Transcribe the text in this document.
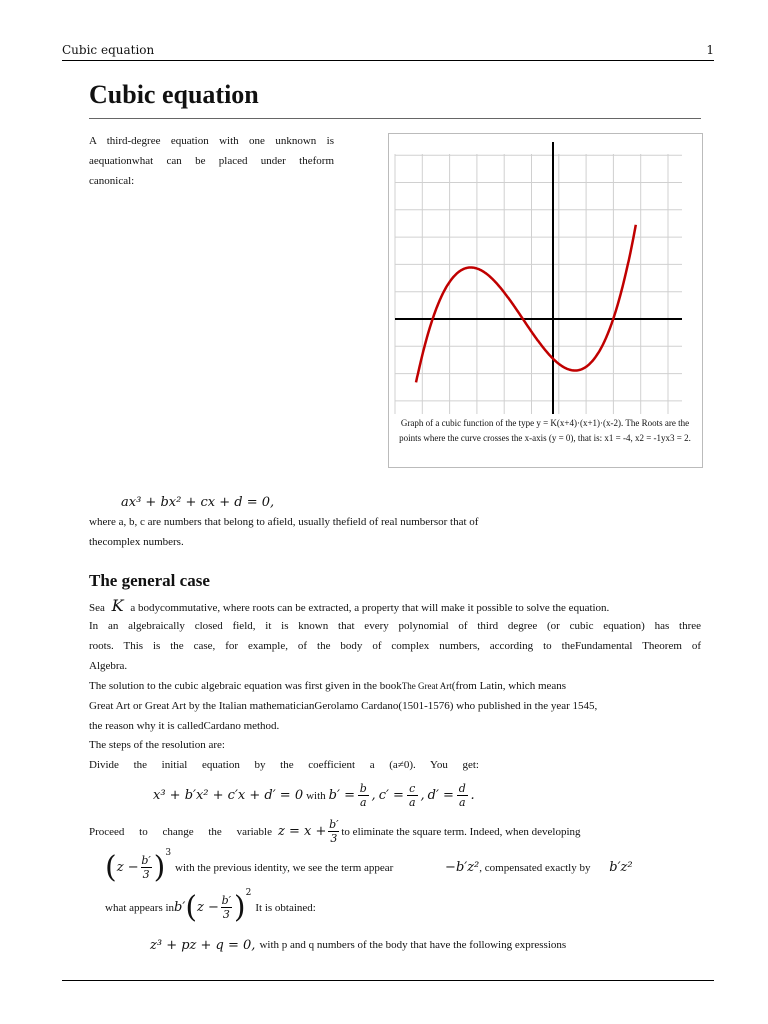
Cubic equation	1
Cubic equation
A third-degree equation with one unknown is
aequationwhat can be placed under theform
canonical:
Graph of a cubic function of the type y = K(x+4)·(x+1)·(x-2). The Roots are the points where the curve crosses the x-axis (y = 0), that is: x1 = -4, x2 = -1yx3 = 2.
ax³ + bx² + cx + d = 0,
where a, b, c are numbers that belong to afield, usually thefield of real numbersor that of
thecomplex numbers.
The general case
Sea K a bodycommutative, where roots can be extracted, a property that will make it possible to solve the equation.
In an algebraically closed field, it is known that every polynomial of third degree (or cubic equation) has three
roots. This is the case, for example, of the body of complex numbers, according to theFundamental Theorem of
Algebra.
The solution to the cubic algebraic equation was first given in the bookThe Great Art(from Latin, which means
Great Art or Great Art by the Italian mathematicianGerolamo Cardano(1501-1576) who published in the year 1545,
the reason why it is calledCardano method.
The steps of the resolution are:
Divide the initial equation by the coefficient a (a≠0). You get:
x³ + b′x² + c′x + d′ = 0 with $b' = \frac{b}{a}$ , $c' = \frac{c}{a}$ , $d' = \frac{d}{a}$ .
Proceed to change the variable $z = x + \frac{b'}{3}$ to eliminate the square term. Indeed, when developing
( $z - \frac{b'}{3}$ ) 3
with the previous identity, we see the term appear	−b′z² , compensated exactly by	b′z²
what appears in b′ ( $z - \frac{b'}{3}$ ) 2
It is obtained:
z³ + pz + q = 0, with p and q numbers of the body that have the following expressions
